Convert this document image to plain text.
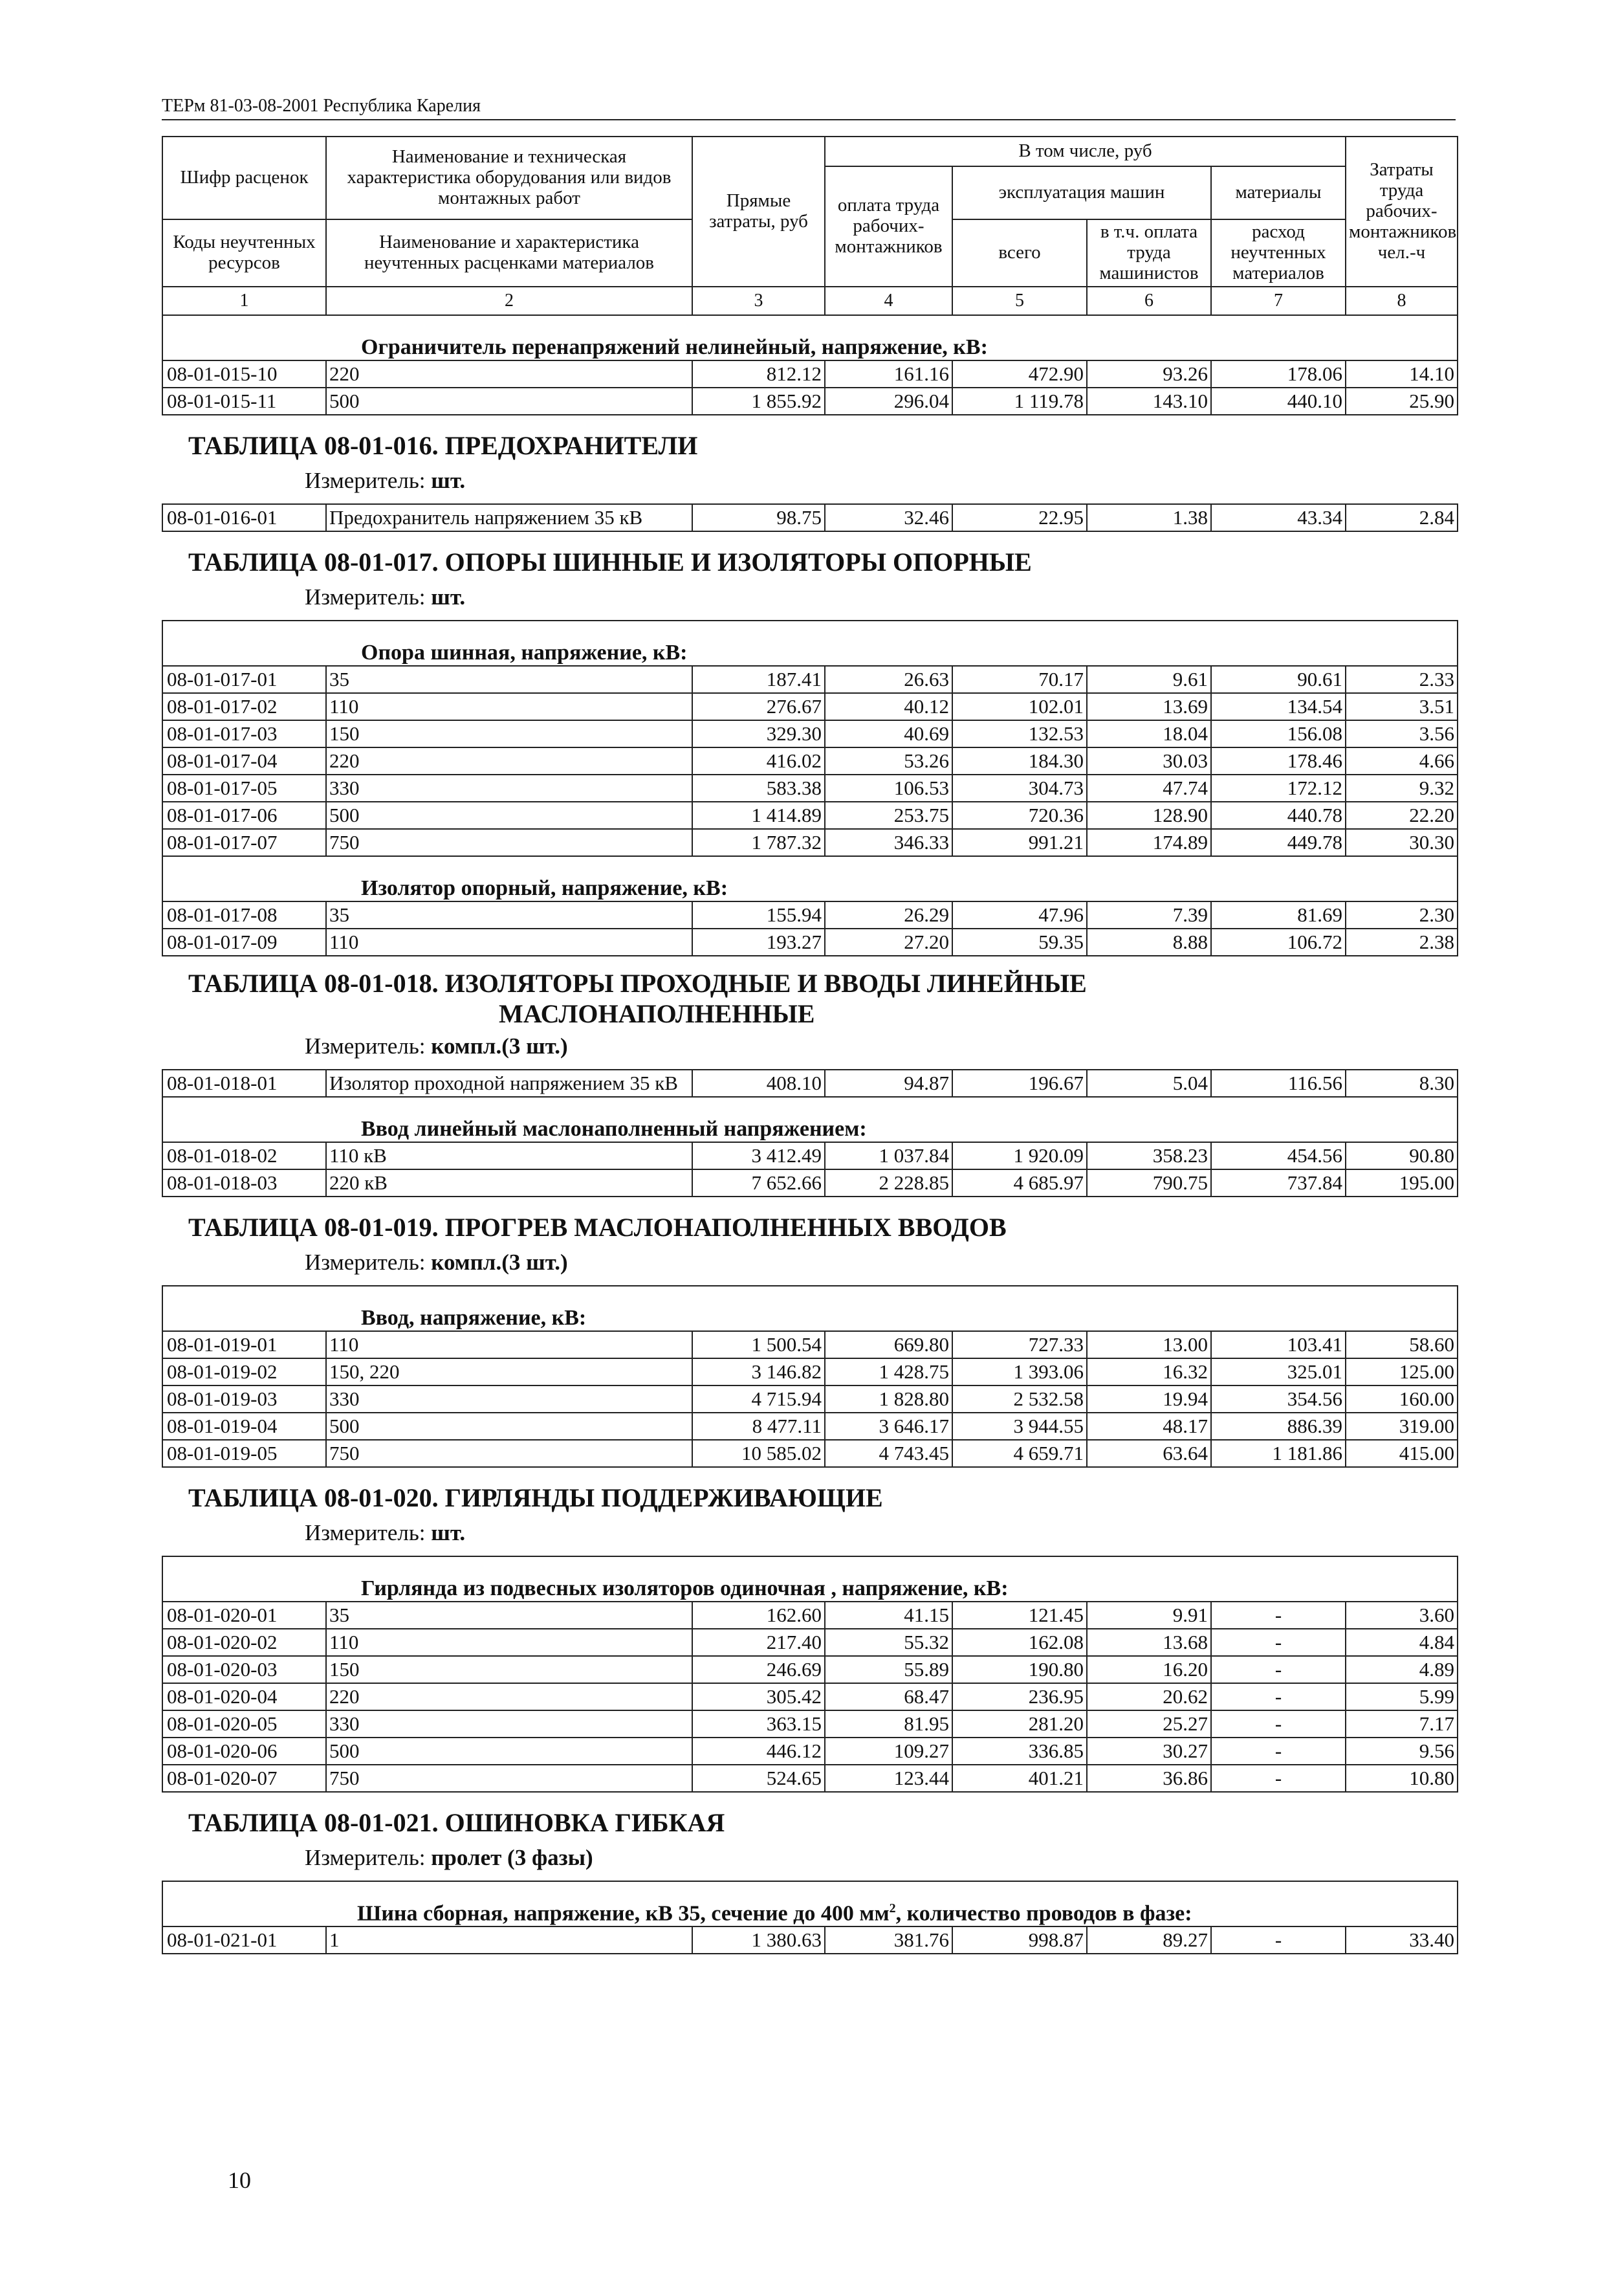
ТЕРм 81-03-08-2001 Республика Карелия
Шифр расценок	Наименование и техническая характеристика оборудования или видов монтажных работ	Прямые затраты, руб	В том числе, руб				Затраты труда рабочих-монтажников чел.-ч
			оплата труда рабочих-монтажников	эксплуатация машин		материалы	
Коды неучтенных ресурсов	Наименование и характеристика неучтенных расценками материалов			всего	в т.ч. оплата труда машинистов	расход неучтенных материалов	
1	2	3	4	5	6	7	8
Ограничитель перенапряжений нелинейный, напряжение, кВ:							
08-01-015-10	220	812.12	161.16	472.90	93.26	178.06	14.10
08-01-015-11	500	1 855.92	296.04	1 119.78	143.10	440.10	25.90
ТАБЛИЦА 08-01-016. ПРЕДОХРАНИТЕЛИ							
Измеритель: шт.							
08-01-016-01	Предохранитель напряжением 35 кВ	98.75	32.46	22.95	1.38	43.34	2.84
ТАБЛИЦА 08-01-017. ОПОРЫ ШИННЫЕ И ИЗОЛЯТОРЫ ОПОРНЫЕ							
Измеритель: шт.							
Опора шинная, напряжение, кВ:							
08-01-017-01	35	187.41	26.63	70.17	9.61	90.61	2.33
08-01-017-02	110	276.67	40.12	102.01	13.69	134.54	3.51
08-01-017-03	150	329.30	40.69	132.53	18.04	156.08	3.56
08-01-017-04	220	416.02	53.26	184.30	30.03	178.46	4.66
08-01-017-05	330	583.38	106.53	304.73	47.74	172.12	9.32
08-01-017-06	500	1 414.89	253.75	720.36	128.90	440.78	22.20
08-01-017-07	750	1 787.32	346.33	991.21	174.89	449.78	30.30
Изолятор опорный, напряжение, кВ:							
08-01-017-08	35	155.94	26.29	47.96	7.39	81.69	2.30
08-01-017-09	110	193.27	27.20	59.35	8.88	106.72	2.38
ТАБЛИЦА 08-01-018. ИЗОЛЯТОРЫ ПРОХОДНЫЕ И ВВОДЫ ЛИНЕЙНЫЕ
МАСЛОНАПОЛНЕННЫЕ							

Измеритель: компл.(3 шт.)							
08-01-018-01	Изолятор проходной напряжением 35 кВ	408.10	94.87	196.67	5.04	116.56	8.30
Ввод линейный маслонаполненный напряжением:							
08-01-018-02	110 кВ	3 412.49	1 037.84	1 920.09	358.23	454.56	90.80
08-01-018-03	220 кВ	7 652.66	2 228.85	4 685.97	790.75	737.84	195.00
ТАБЛИЦА 08-01-019. ПРОГРЕВ МАСЛОНАПОЛНЕННЫХ ВВОДОВ							
Измеритель: компл.(3 шт.)							
Ввод, напряжение, кВ:							
08-01-019-01	110	1 500.54	669.80	727.33	13.00	103.41	58.60
08-01-019-02	150, 220	3 146.82	1 428.75	1 393.06	16.32	325.01	125.00
08-01-019-03	330	4 715.94	1 828.80	2 532.58	19.94	354.56	160.00
08-01-019-04	500	8 477.11	3 646.17	3 944.55	48.17	886.39	319.00
08-01-019-05	750	10 585.02	4 743.45	4 659.71	63.64	1 181.86	415.00
ТАБЛИЦА 08-01-020. ГИРЛЯНДЫ ПОДДЕРЖИВАЮЩИЕ							
Измеритель: шт.							
Гирлянда из подвесных изоляторов одиночная , напряжение, кВ:							
08-01-020-01	35	162.60	41.15	121.45	9.91	-	3.60
08-01-020-02	110	217.40	55.32	162.08	13.68	-	4.84
08-01-020-03	150	246.69	55.89	190.80	16.20	-	4.89
08-01-020-04	220	305.42	68.47	236.95	20.62	-	5.99
08-01-020-05	330	363.15	81.95	281.20	25.27	-	7.17
08-01-020-06	500	446.12	109.27	336.85	30.27	-	9.56
08-01-020-07	750	524.65	123.44	401.21	36.86	-	10.80
ТАБЛИЦА 08-01-021. ОШИНОВКА ГИБКАЯ							
Измеритель: пролет (3 фазы)							
Шина сборная, напряжение, кВ 35, сечение до 400 $мм^2$, количество проводов в фазе:							
08-01-021-01	1	1 380.63	381.76	998.87	89.27	-	33.40
10
